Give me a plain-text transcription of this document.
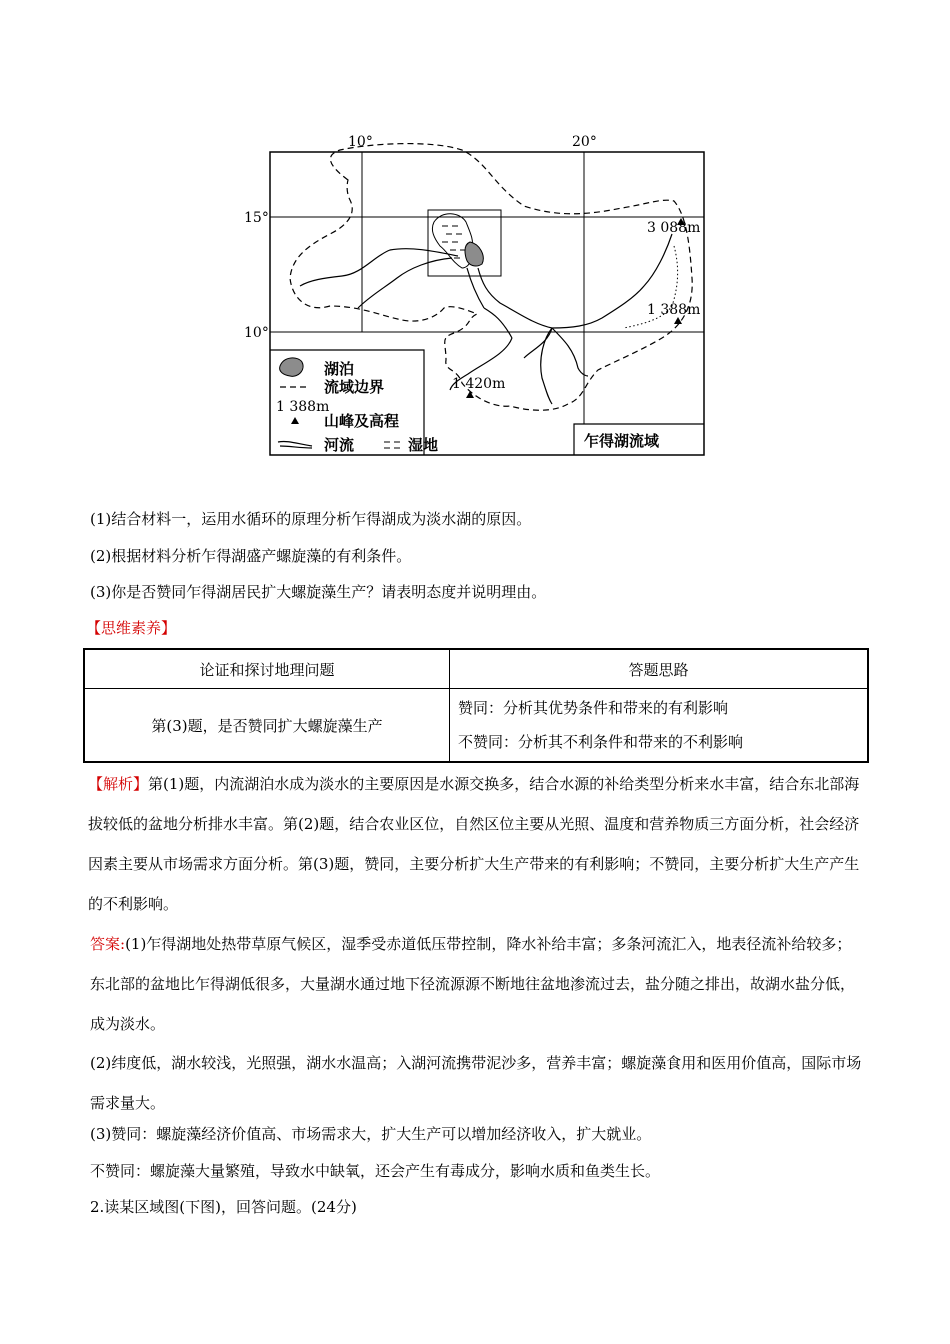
10°	20°
15°
10°
3 088m
1 388m
1 420m
湖泊
流域边界
1 388m
山峰及高程
河流	湿地	乍得湖流域
(1)结合材料一，运用水循环的原理分析乍得湖成为淡水湖的原因。
(2)根据材料分析乍得湖盛产螺旋藻的有利条件。
(3)你是否赞同乍得湖居民扩大螺旋藻生产？请表明态度并说明理由。
【思维素养】
论证和探讨地理问题	答题思路
第(3)题，是否赞同扩大螺旋藻生产	赞同：分析其优势条件和带来的有利影响
不赞同：分析其不利条件和带来的不利影响
【解析】第(1)题，内流湖泊水成为淡水的主要原因是水源交换多，结合水源的补给类型分析来水丰富，结合东北部海拔较低的盆地分析排水丰富。第(2)题，结合农业区位，自然区位主要从光照、温度和营养物质三方面分析，社会经济因素主要从市场需求方面分析。第(3)题，赞同，主要分析扩大生产带来的有利影响；不赞同，主要分析扩大生产产生的不利影响。
答案:(1)乍得湖地处热带草原气候区，湿季受赤道低压带控制，降水补给丰富；多条河流汇入，地表径流补给较多；东北部的盆地比乍得湖低很多，大量湖水通过地下径流源源不断地往盆地渗流过去，盐分随之排出，故湖水盐分低，成为淡水。
(2)纬度低，湖水较浅，光照强，湖水水温高；入湖河流携带泥沙多，营养丰富；螺旋藻食用和医用价值高，国际市场需求量大。
(3)赞同：螺旋藻经济价值高、市场需求大，扩大生产可以增加经济收入，扩大就业。
不赞同：螺旋藻大量繁殖，导致水中缺氧，还会产生有毒成分，影响水质和鱼类生长。
2.读某区域图(下图)，回答问题。(24分)
